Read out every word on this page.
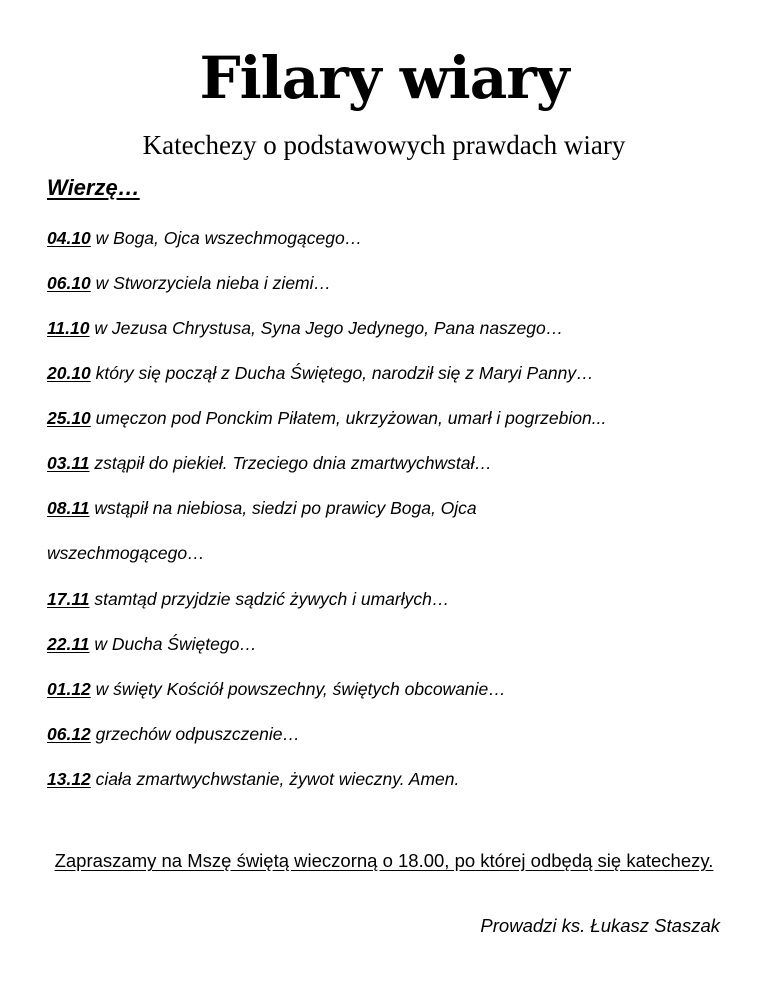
Filary wiary
Katechezy o podstawowych prawdach wiary
Wierzę…
04.10 w Boga, Ojca wszechmogącego…
06.10 w Stworzyciela nieba i ziemi…
11.10 w Jezusa Chrystusa, Syna Jego Jedynego, Pana naszego…
20.10 który się począł z Ducha Świętego, narodził się z Maryi Panny…
25.10 umęczon pod Ponckim Piłatem, ukrzyżowan, umarł i pogrzebion...
03.11 zstąpił do piekieł. Trzeciego dnia zmartwychwstał…
08.11 wstąpił na niebiosa, siedzi po prawicy Boga, Ojca wszechmogącego…
17.11 stamtąd przyjdzie sądzić żywych i umarłych…
22.11 w Ducha Świętego…
01.12 w święty Kościół powszechny, świętych obcowanie…
06.12 grzechów odpuszczenie…
13.12 ciała zmartwychwstanie, żywot wieczny. Amen.
Zapraszamy na Mszę świętą wieczorną o 18.00, po której odbędą się katechezy.
Prowadzi ks. Łukasz Staszak
